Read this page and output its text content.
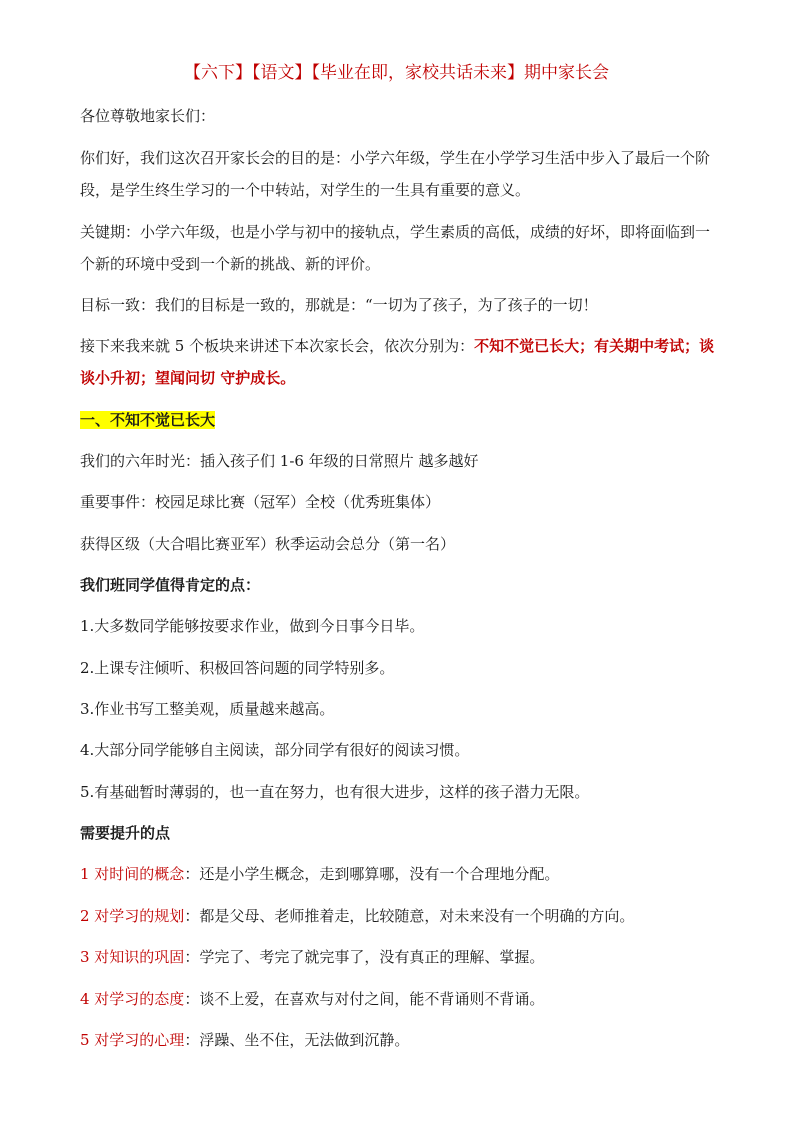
【六下】【语文】【毕业在即，家校共话未来】期中家长会
各位尊敬地家长们：
你们好，我们这次召开家长会的目的是：小学六年级，学生在小学学习生活中步入了最后一个阶
段，是学生终生学习的一个中转站，对学生的一生具有重要的意义。
关键期：小学六年级，也是小学与初中的接轨点，学生素质的高低，成绩的好坏，即将面临到一
个新的环境中受到一个新的挑战、新的评价。
目标一致：我们的目标是一致的，那就是：“一切为了孩子，为了孩子的一切！
接下来我来就 5 个板块来讲述下本次家长会，依次分别为：不知不觉已长大；有关期中考试；谈
谈小升初；望闻问切 守护成长。
一、不知不觉已长大
我们的六年时光：插入孩子们 1-6 年级的日常照片 越多越好
重要事件：校园足球比赛（冠军）全校（优秀班集体）
获得区级（大合唱比赛亚军）秋季运动会总分（第一名）
我们班同学值得肯定的点：
1.大多数同学能够按要求作业，做到今日事今日毕。
2.上课专注倾听、积极回答问题的同学特别多。
3.作业书写工整美观，质量越来越高。
4.大部分同学能够自主阅读，部分同学有很好的阅读习惯。
5.有基础暂时薄弱的，也一直在努力，也有很大进步，这样的孩子潜力无限。
需要提升的点
1 对时间的概念：还是小学生概念，走到哪算哪，没有一个合理地分配。
2 对学习的规划：都是父母、老师推着走，比较随意，对未来没有一个明确的方向。
3 对知识的巩固：学完了、考完了就完事了，没有真正的理解、掌握。
4 对学习的态度：谈不上爱，在喜欢与对付之间，能不背诵则不背诵。
5 对学习的心理：浮躁、坐不住，无法做到沉静。
